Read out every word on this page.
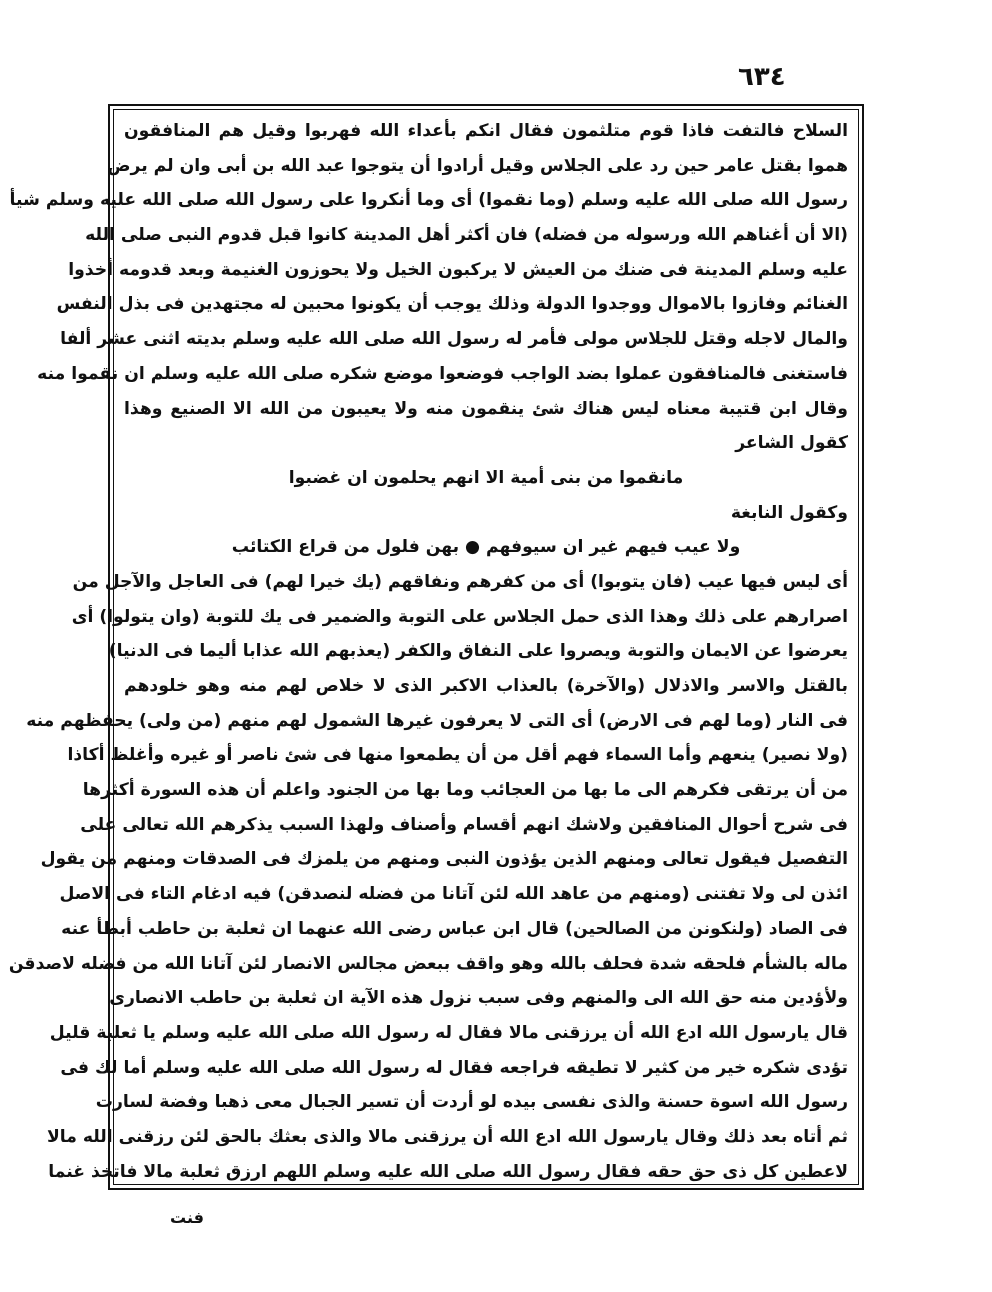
٦٣٤
السلاح فالتفت فاذا قوم متلثمون فقال انكم بأعداء الله فهربوا وقيل هم المنافقون
هموا بقتل عامر حين رد على الجلاس وقيل أرادوا أن يتوجوا عبد الله بن أبى وان لم يرض
رسول الله صلى الله عليه وسلم (وما نقموا) أى وما أنكروا على رسول الله صلى الله عليه وسلم شيأ
(الا أن أغناهم الله ورسوله من فضله) فان أكثر أهل المدينة كانوا قبل قدوم النبى صلى الله
عليه وسلم المدينة فى ضنك من العيش لا يركبون الخيل ولا يحوزون الغنيمة وبعد قدومه أخذوا
الغنائم وفازوا بالاموال ووجدوا الدولة وذلك يوجب أن يكونوا محبين له مجتهدين فى بذل النفس
والمال لاجله وقتل للجلاس مولى فأمر له رسول الله صلى الله عليه وسلم بديته اثنى عشر ألفا
فاستغنى فالمنافقون عملوا بضد الواجب فوضعوا موضع شكره صلى الله عليه وسلم ان نقموا منه
وقال ابن قتيبة معناه ليس هناك شئ ينقمون منه ولا يعيبون من الله الا الصنيع وهذا
كقول الشاعر
مانقموا من بنى أمية الا انهم يحلمون ان غضبوا
وكقول النابغة
ولا عيب فيهم غير ان سيوفهم ● بهن فلول من قراع الكتائب
أى ليس فيها عيب (فان يتوبوا) أى من كفرهم ونفاقهم (يك خيرا لهم) فى العاجل والآجل من
اصرارهم على ذلك وهذا الذى حمل الجلاس على التوبة والضمير فى يك للتوبة (وان يتولوا) أى
يعرضوا عن الايمان والتوبة ويصروا على النفاق والكفر (يعذبهم الله عذابا أليما فى الدنيا)
بالقتل والاسر والاذلال (والآخرة) بالعذاب الاكبر الذى لا خلاص لهم منه وهو خلودهم
فى النار (وما لهم فى الارض) أى التى لا يعرفون غيرها الشمول لهم منهم (من ولى) يحفظهم منه
(ولا نصير) ينعهم وأما السماء فهم أقل من أن يطمعوا منها فى شئ ناصر أو غيره وأغلظ أكاذا
من أن يرتقى فكرهم الى ما بها من العجائب وما بها من الجنود واعلم أن هذه السورة أكثرها
فى شرح أحوال المنافقين ولاشك انهم أقسام وأصناف ولهذا السبب يذكرهم الله تعالى على
التفصيل فيقول تعالى ومنهم الذين يؤذون النبى ومنهم من يلمزك فى الصدقات ومنهم من يقول
ائذن لى ولا تفتنى (ومنهم من عاهد الله لئن آتانا من فضله لنصدقن) فيه ادغام التاء فى الاصل
فى الصاد (ولنكونن من الصالحين) قال ابن عباس رضى الله عنهما ان ثعلبة بن حاطب أبطأ عنه
ماله بالشأم فلحقه شدة فحلف بالله وهو واقف ببعض مجالس الانصار لئن آتانا الله من فضله لاصدقن
ولأؤدين منه حق الله الى والمنهم وفى سبب نزول هذه الآية ان ثعلبة بن حاطب الانصارى
قال يارسول الله ادع الله أن يرزقنى مالا فقال له رسول الله صلى الله عليه وسلم يا ثعلبة قليل
تؤدى شكره خير من كثير لا تطيقه فراجعه فقال له رسول الله صلى الله عليه وسلم أما لك فى
رسول الله اسوة حسنة والذى نفسى بيده لو أردت أن تسير الجبال معى ذهبا وفضة لسارت
ثم أتاه بعد ذلك وقال يارسول الله ادع الله أن يرزقنى مالا والذى بعثك بالحق لئن رزقنى الله مالا
لاعطين كل ذى حق حقه فقال رسول الله صلى الله عليه وسلم اللهم ارزق ثعلبة مالا فاتخذ غنما
فنت
